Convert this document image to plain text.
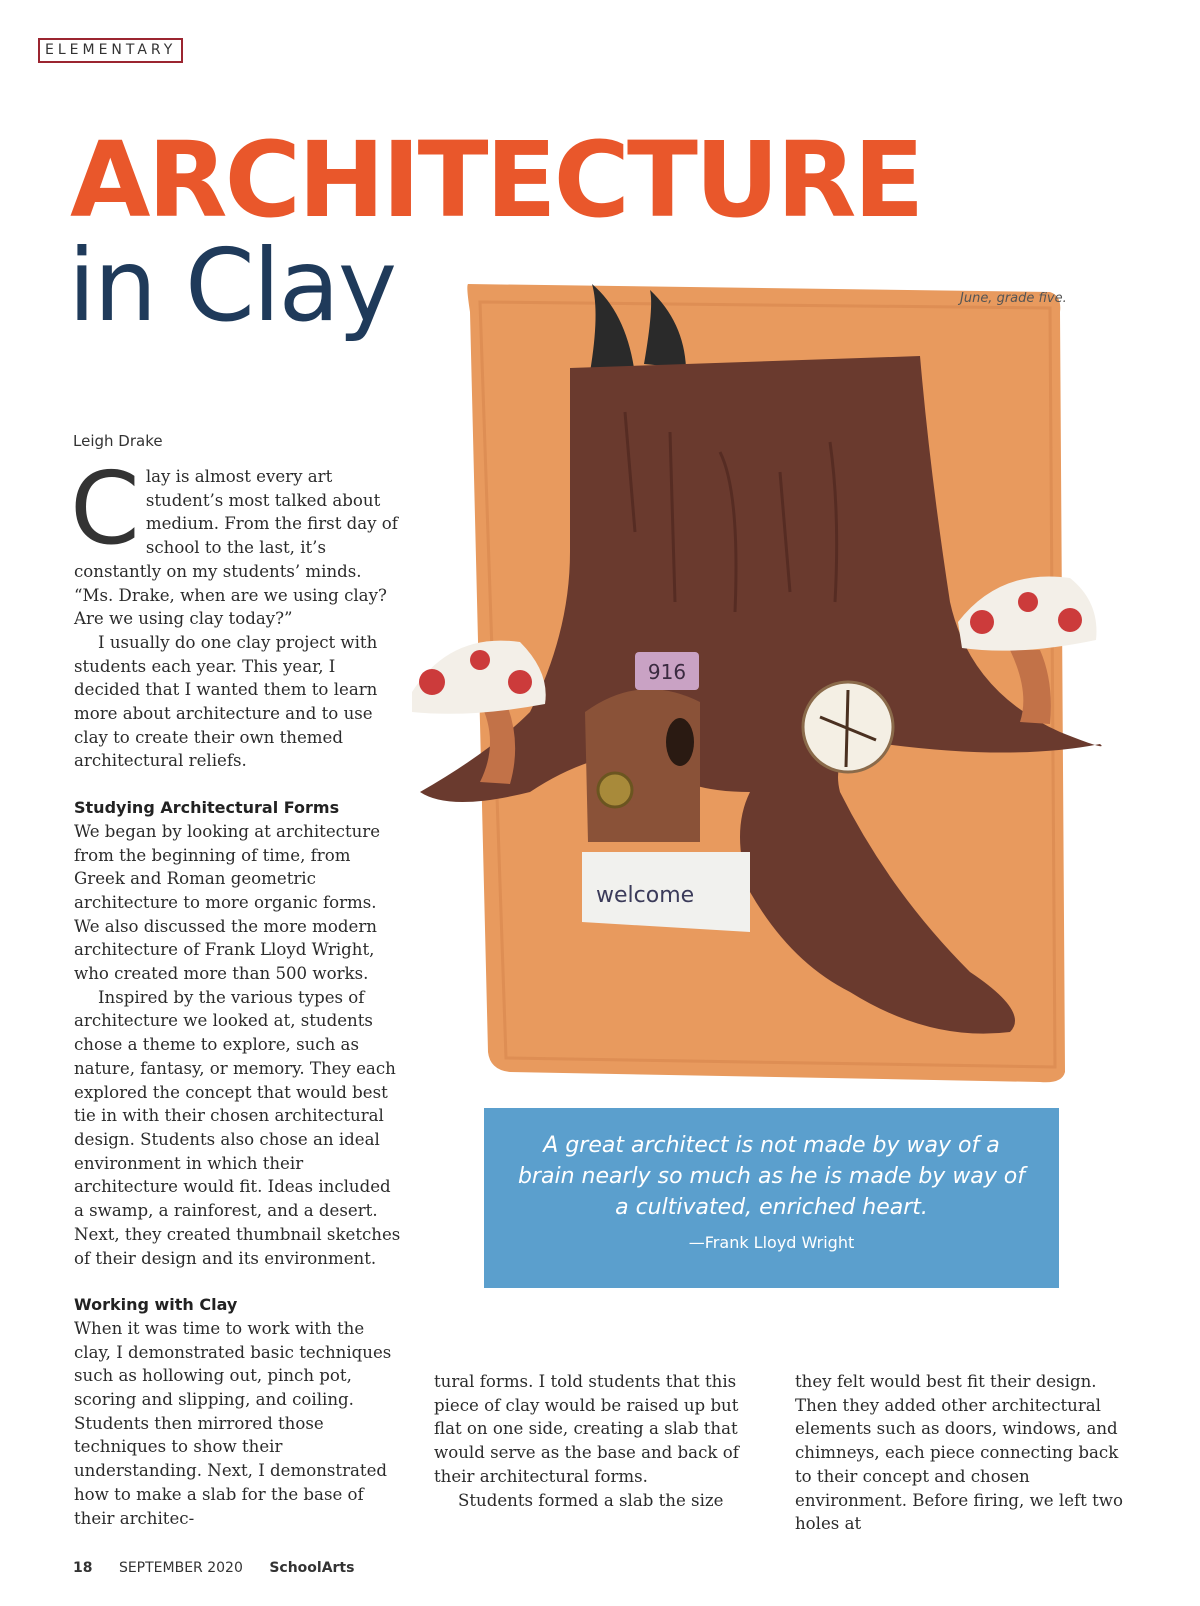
ELEMENTARY
ARCHITECTURE
in Clay
916
welcome
June, grade five.

A great architect is not made by way of a brain nearly so much as he is made by way of a cultivated, enriched heart.

—Frank Lloyd Wright
Leigh Drake
C lay is almost every art student’s most talked about medium. From the first day of school to the last, it’s constantly on my students’ minds. “Ms. Drake, when are we using clay? Are we using clay today?”

I usually do one clay project with students each year. This year, I decided that I wanted them to learn more about architecture and to use clay to create their own themed architectural reliefs.

Studying Architectural Forms

We began by looking at architecture from the beginning of time, from Greek and Roman geometric architecture to more organic forms. We also discussed the more modern architecture of Frank Lloyd Wright, who created more than 500 works.

Inspired by the various types of architecture we looked at, students chose a theme to explore, such as nature, fantasy, or memory. They each explored the concept that would best tie in with their chosen architectural design. Students also chose an ideal environment in which their architecture would fit. Ideas included a swamp, a rainforest, and a desert. Next, they created thumbnail sketches of their design and its environment.

Working with Clay

When it was time to work with the clay, I demonstrated basic techniques such as hollowing out, pinch pot, scoring and slipping, and coiling. Students then mirrored those techniques to show their understanding. Next, I demonstrated how to make a slab for the base of their architec-

tural forms. I told students that this piece of clay would be raised up but flat on one side, creating a slab that would serve as the base and back of their architectural forms.

Students formed a slab the size

they felt would best fit their design. Then they added other architectural elements such as doors, windows, and chimneys, each piece connecting back to their concept and chosen environment. Before firing, we left two holes at

18 SEPTEMBER 2020 SchoolArts
